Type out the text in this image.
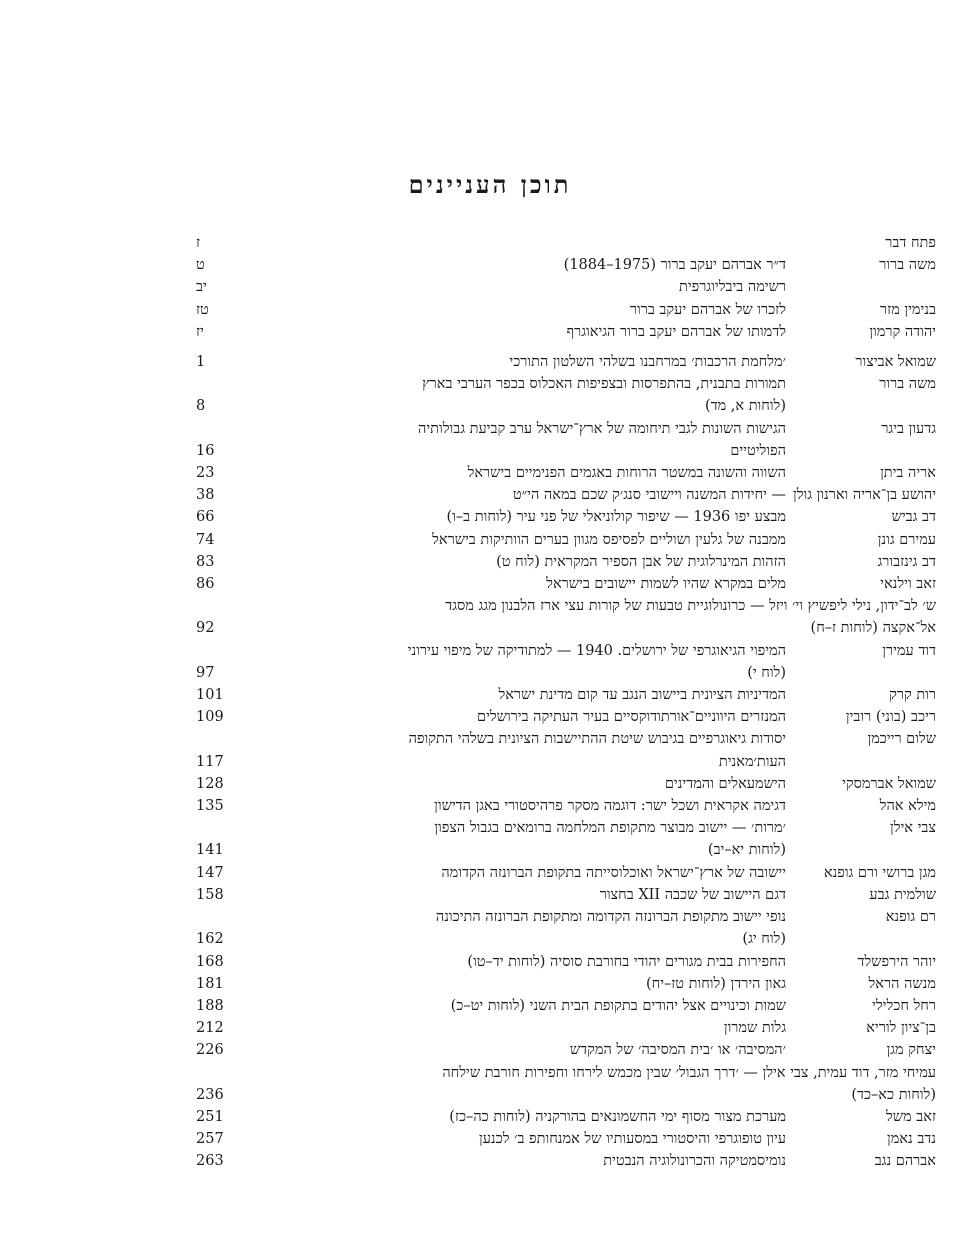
תוכן העניינים
פתח דבר

ז
משה ברור
ד״ר אברהם יעקב ברור (1975–1884)
ט
רשימה ביבליוגרפית
יב
בנימין מזר
לזכרו של אברהם יעקב ברור
טז
יהודה קרמון
לדמותו של אברהם יעקב ברור הגיאוגרף
יז
שמואל אביצור
׳מלחמת הרכבות׳ במרחבנו בשלהי השלטון התורכי
1
משה ברור
תמורות בתבנית, בהתפרסות ובצפיפות האכלוס בכפר הערבי בארץ
(לוחות א, מד)
8
גדעון ביגר
הגישות השונות לגבי תיחומה של ארץ־ישראל ערב קביעת גבולותיה
הפוליטיים
16
אריה ביתן
השווה והשונה במשטר הרוחות באגמים הפנימיים בישראל
23
יהושע בן־אריה וארנון גולן
— יחידות המשנה ויישובי סנג׳ק שכם במאה הי״ט
38
דב גביש
מבצע יפו 1936 — שיפור קולוניאלי של פני עיר (לוחות ב–ו)
66
עמירם גונן
ממבנה של גלעין ושוליים לפסיפס מגוון בערים הוותיקות בישראל
74
דב גינזבורג
הזהות המינרלוגית של אבן הספיר המקראית (לוח ט)
83
זאב וילנאי
מלים במקרא שהיו לשמות יישובים בישראל
86
ש׳ לב־ידון, נילי ליפשיץ וי׳ ויזל — כרונולוגיית טבעות של קורות עצי ארז הלבנון מגג מסגד
אל־אקצה (לוחות ז–ח)
92
דוד עמירן
המיפוי הגיאוגרפי של ירושלים. 1940 — למתודיקה של מיפוי עירוני
(לוח י)
97
רות קרק
המדיניות הציונית ביישוב הנגב עד קום מדינת ישראל
101
ריכב (בוני) רובין
המנזרים היווניים־אורתודוקסיים בעיר העתיקה בירושלים
109
שלום רייכמן
יסודות גיאוגרפיים בגיבוש שיטת ההתיישבות הציונית בשלהי התקופה
העות׳מאנית
117
שמואל אברמסקי
הישמעאלים והמדינים
128
מילא אהל
דגימה אקראית ושכל ישר: דוגמה מסקר פרהיסטורי באגן הדישון
135
צבי אילן
׳מרות׳ — יישוב מבוצר מתקופת המלחמה ברומאים בגבול הצפון
(לוחות יא–יב)
141
מגן ברושי ורם גופנא
יישובה של ארץ־ישראל ואוכלוסייתה בתקופת הברונזה הקדומה
147
שולמית גבע
דגם היישוב של שכבה XII בחצור
158
רם גופנא
נופי יישוב מתקופת הברונזה הקדומה ומתקופת הברונזה התיכונה
(לוח יג)
162
יוהר הירפשלד
החפירות בבית מגורים יהודי בחורבת סוסיה (לוחות יד–טו)
168
מנשה הראל
גאון הירדן (לוחות טז–יח)
181
רחל חכלילי
שמות וכינויים אצל יהודים בתקופת הבית השני (לוחות יט–כ)
188
בן־ציון לוריא
גלות שמרון
212
יצחק מגן
׳המסיבה׳ או ׳בית המסיבה׳ של המקדש
226
עמיחי מזר, דוד עמית, צבי אילן — ׳דרך הגבול׳ שבין מכמש לירחו וחפירות חורבת שילחה
(לוחות כא–כד)
236
זאב משל
מערכת מצור מסוף ימי החשמונאים בהורקניה (לוחות כה–כז)
251
נדב נאמן
עיון טופוגרפי והיסטורי במסעותיו של אמנחותפ ב׳ לכנען
257
אברהם נגב
נומיסמטיקה והכרונולוגיה הנבטית
263
